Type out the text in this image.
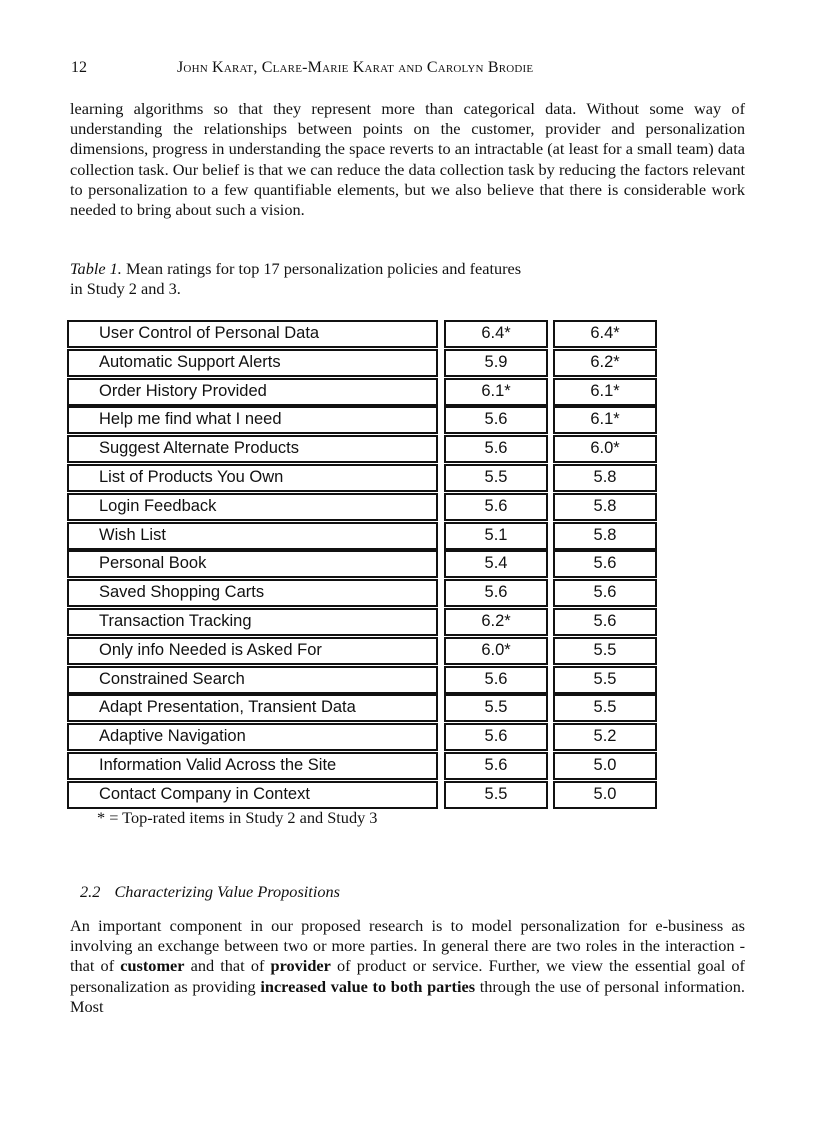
12	John Karat, Clare-Marie Karat and Carolyn Brodie
learning algorithms so that they represent more than categorical data. Without some way of understanding the relationships between points on the customer, provider and personalization dimensions, progress in understanding the space reverts to an intractable (at least for a small team) data collection task. Our belief is that we can reduce the data collection task by reducing the factors relevant to personalization to a few quantifiable elements, but we also believe that there is considerable work needed to bring about such a vision.
Table 1. Mean ratings for top 17 personalization policies and features
in Study 2 and 3.
User Control of Personal Data	6.4*	6.4*
Automatic Support Alerts	5.9	6.2*
Order History Provided	6.1*	6.1*
Help me find what I need	5.6	6.1*
Suggest Alternate Products	5.6	6.0*
List of Products You Own	5.5	5.8
Login Feedback	5.6	5.8
Wish List	5.1	5.8
Personal Book	5.4	5.6
Saved Shopping Carts	5.6	5.6
Transaction Tracking	6.2*	5.6
Only info Needed is Asked For	6.0*	5.5
Constrained Search	5.6	5.5
Adapt Presentation, Transient Data	5.5	5.5
Adaptive Navigation	5.6	5.2
Information Valid Across the Site	5.6	5.0
Contact Company in Context	5.5	5.0
* = Top-rated items in Study 2 and Study 3
2.2 Characterizing Value Propositions
An important component in our proposed research is to model personalization for e-business as involving an exchange between two or more parties. In general there are two roles in the interaction - that of customer and that of provider of product or service. Further, we view the essential goal of personalization as providing increased value to both parties through the use of personal information. Most
